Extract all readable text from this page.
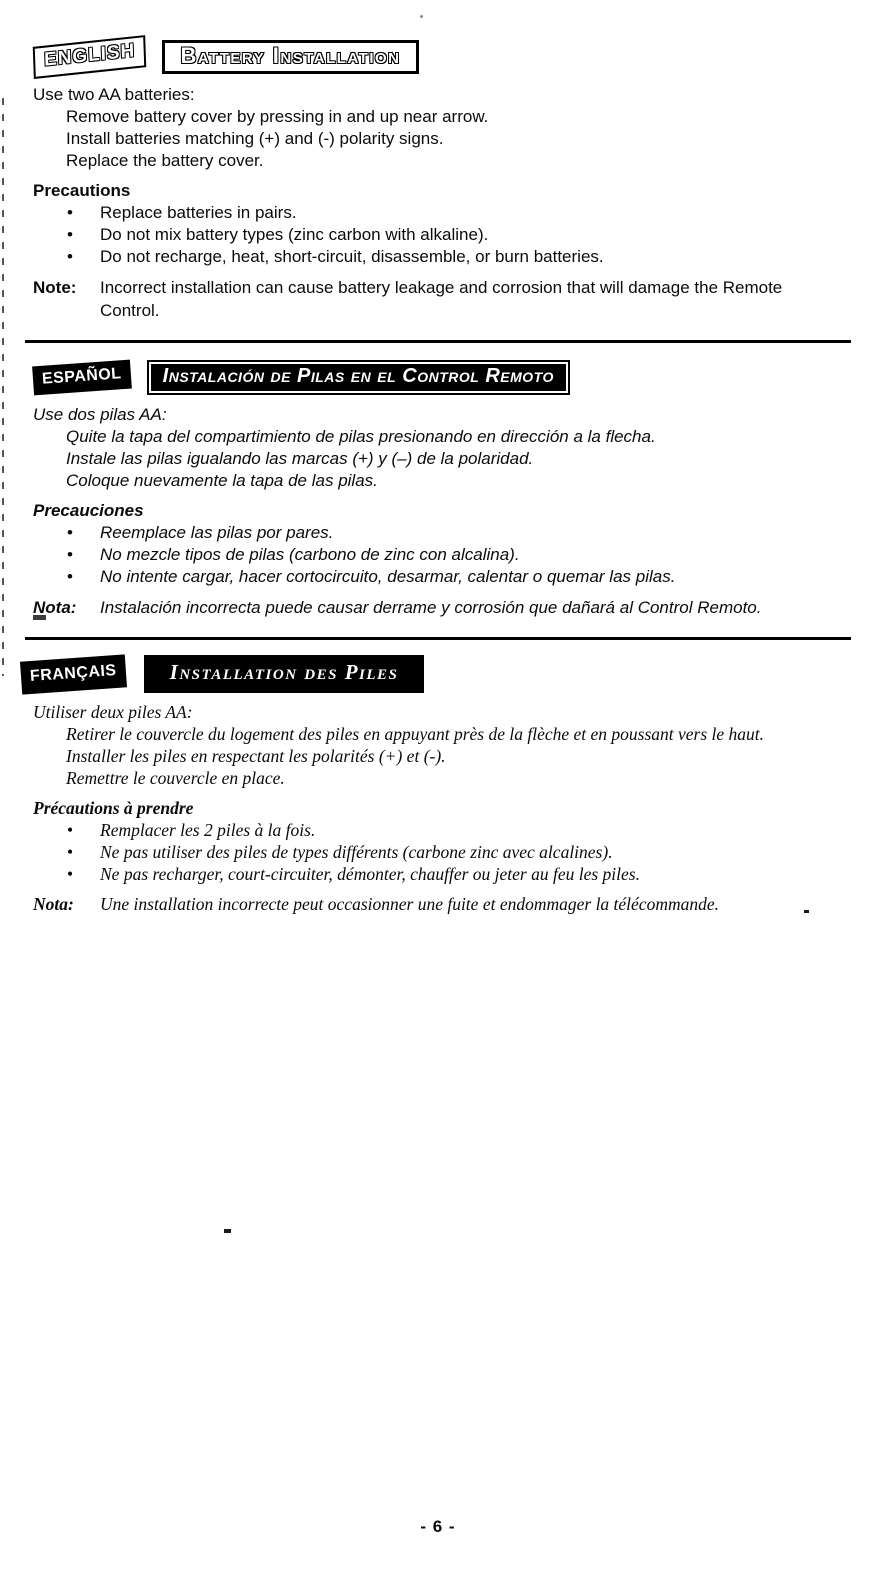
ENGLISH	Battery Installation

Use two AA batteries:

Remove battery cover by pressing in and up near arrow.

Install batteries matching (+) and (-) polarity signs.

Replace the battery cover.

Precautions

• Replace batteries in pairs.
• Do not mix battery types (zinc carbon with alkaline).
• Do not recharge, heat, short-circuit, disassemble, or burn batteries.
Note:	Incorrect installation can cause battery leakage and corrosion that will damage the Remote Control.
ESPAÑOL	Instalación de Pilas en el Control Remoto

Use dos pilas AA:

Quite la tapa del compartimiento de pilas presionando en dirección a la flecha.

Instale las pilas igualando las marcas (+) y (–) de la polaridad.

Coloque nuevamente la tapa de las pilas.

Precauciones

• Reemplace las pilas por pares.
• No mezcle tipos de pilas (carbono de zinc con alcalina).
• No intente cargar, hacer cortocircuito, desarmar, calentar o quemar las pilas.
Nota:	Instalación incorrecta puede causar derrame y corrosión que dañará al Control Remoto.
FRANÇAIS	Installation des Piles

Utiliser deux piles AA:

Retirer le couvercle du logement des piles en appuyant près de la flèche et en poussant vers le haut.

Installer les piles en respectant les polarités (+) et (-).

Remettre le couvercle en place.

Précautions à prendre

• Remplacer les 2 piles à la fois.
• Ne pas utiliser des piles de types différents (carbone zinc avec alcalines).
• Ne pas recharger, court-circuiter, démonter, chauffer ou jeter au feu les piles.
Nota:	Une installation incorrecte peut occasionner une fuite et endommager la télécommande.
- 6 -
